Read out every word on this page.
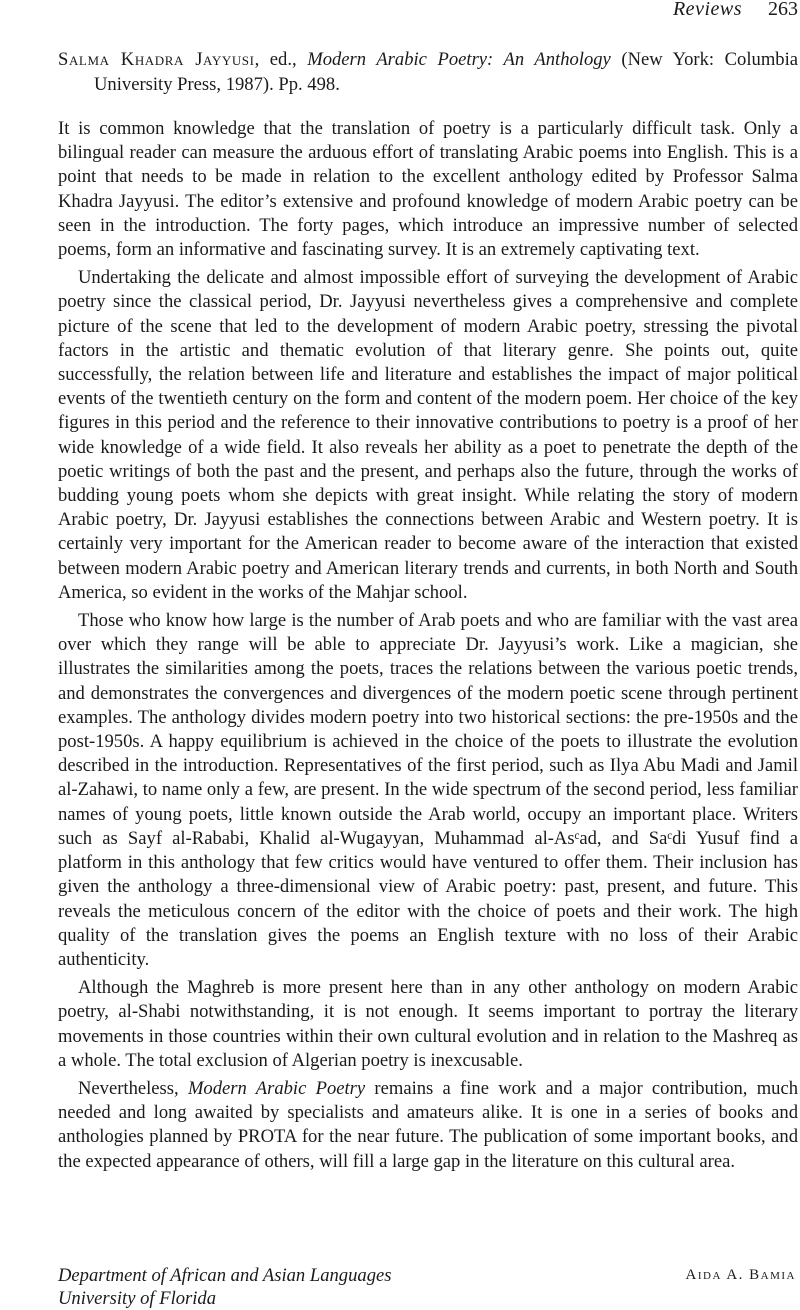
Reviews 263
Salma Khadra Jayyusi, ed., Modern Arabic Poetry: An Anthology (New York: Columbia University Press, 1987). Pp. 498.

It is common knowledge that the translation of poetry is a particularly difficult task. Only a bilingual reader can measure the arduous effort of translating Arabic poems into English. This is a point that needs to be made in relation to the excellent anthology edited by Professor Salma Khadra Jayyusi. The editor’s extensive and profound knowledge of modern Arabic poetry can be seen in the introduction. The forty pages, which introduce an impressive number of selected poems, form an informative and fascinating survey. It is an extremely captivating text.

Undertaking the delicate and almost impossible effort of surveying the development of Arabic poetry since the classical period, Dr. Jayyusi nevertheless gives a comprehensive and complete picture of the scene that led to the development of modern Arabic poetry, stressing the pivotal factors in the artistic and thematic evolution of that literary genre. She points out, quite successfully, the relation between life and literature and establishes the impact of major political events of the twentieth century on the form and content of the modern poem. Her choice of the key figures in this period and the reference to their innovative contributions to poetry is a proof of her wide knowledge of a wide field. It also reveals her ability as a poet to penetrate the depth of the poetic writings of both the past and the present, and perhaps also the future, through the works of budding young poets whom she depicts with great insight. While relating the story of modern Arabic poetry, Dr. Jayyusi establishes the connections between Arabic and Western poetry. It is certainly very important for the American reader to become aware of the interaction that existed between modern Arabic poetry and American literary trends and currents, in both North and South America, so evident in the works of the Mahjar school.

Those who know how large is the number of Arab poets and who are familiar with the vast area over which they range will be able to appreciate Dr. Jayyusi’s work. Like a magician, she illustrates the similarities among the poets, traces the relations between the various poetic trends, and demonstrates the convergences and divergences of the modern poetic scene through pertinent examples. The anthology divides modern poetry into two historical sections: the pre-1950s and the post-1950s. A happy equilibrium is achieved in the choice of the poets to illustrate the evolution described in the introduction. Representatives of the first period, such as Ilya Abu Madi and Jamil al-Zahawi, to name only a few, are present. In the wide spectrum of the second period, less familiar names of young poets, little known outside the Arab world, occupy an important place. Writers such as Sayf al-Rababi, Khalid al-Wugayyan, Muhammad al-Asᶜad, and Saᶜdi Yusuf find a platform in this anthology that few critics would have ventured to offer them. Their inclusion has given the anthology a three-dimensional view of Arabic poetry: past, present, and future. This reveals the meticulous concern of the editor with the choice of poets and their work. The high quality of the translation gives the poems an English texture with no loss of their Arabic authenticity.

Although the Maghreb is more present here than in any other anthology on modern Arabic poetry, al-Shabi notwithstanding, it is not enough. It seems important to portray the literary movements in those countries within their own cultural evolution and in relation to the Mashreq as a whole. The total exclusion of Algerian poetry is inexcusable.

Nevertheless, Modern Arabic Poetry remains a fine work and a major contribution, much needed and long awaited by specialists and amateurs alike. It is one in a series of books and anthologies planned by PROTA for the near future. The publication of some important books, and the expected appearance of others, will fill a large gap in the literature on this cultural area.

Department of African and Asian Languages
University of Florida
Aida A. Bamia
